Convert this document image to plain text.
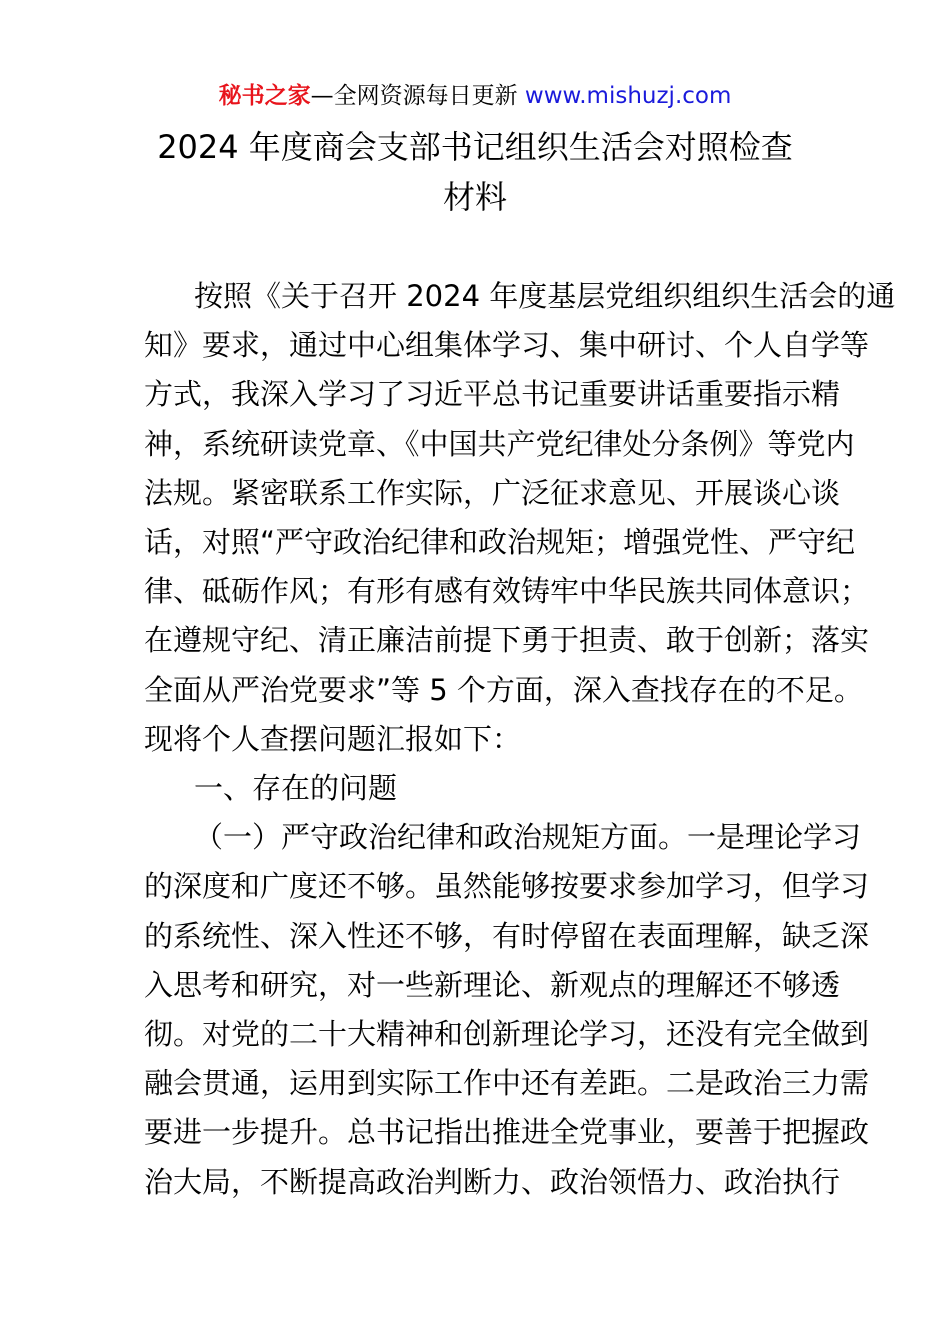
秘书之家—全网资源每日更新 www.mishuzj.com
2024 年度商会支部书记组织生活会对照检查
材料
按照《关于召开 2024 年度基层党组织组织生活会的通
知》要求，通过中心组集体学习、集中研讨、个人自学等
方式，我深入学习了习近平总书记重要讲话重要指示精
神，系统研读党章、《中国共产党纪律处分条例》等党内
法规。紧密联系工作实际，广泛征求意见、开展谈心谈
话，对照“严守政治纪律和政治规矩；增强党性、严守纪
律、砥砺作风；有形有感有效铸牢中华民族共同体意识；
在遵规守纪、清正廉洁前提下勇于担责、敢于创新；落实
全面从严治党要求”等 5 个方面，深入查找存在的不足。
现将个人查摆问题汇报如下：
一、存在的问题
（一）严守政治纪律和政治规矩方面。一是理论学习
的深度和广度还不够。虽然能够按要求参加学习，但学习
的系统性、深入性还不够，有时停留在表面理解，缺乏深
入思考和研究，对一些新理论、新观点的理解还不够透
彻。对党的二十大精神和创新理论学习，还没有完全做到
融会贯通，运用到实际工作中还有差距。二是政治三力需
要进一步提升。总书记指出推进全党事业，要善于把握政
治大局，不断提高政治判断力、政治领悟力、政治执行
